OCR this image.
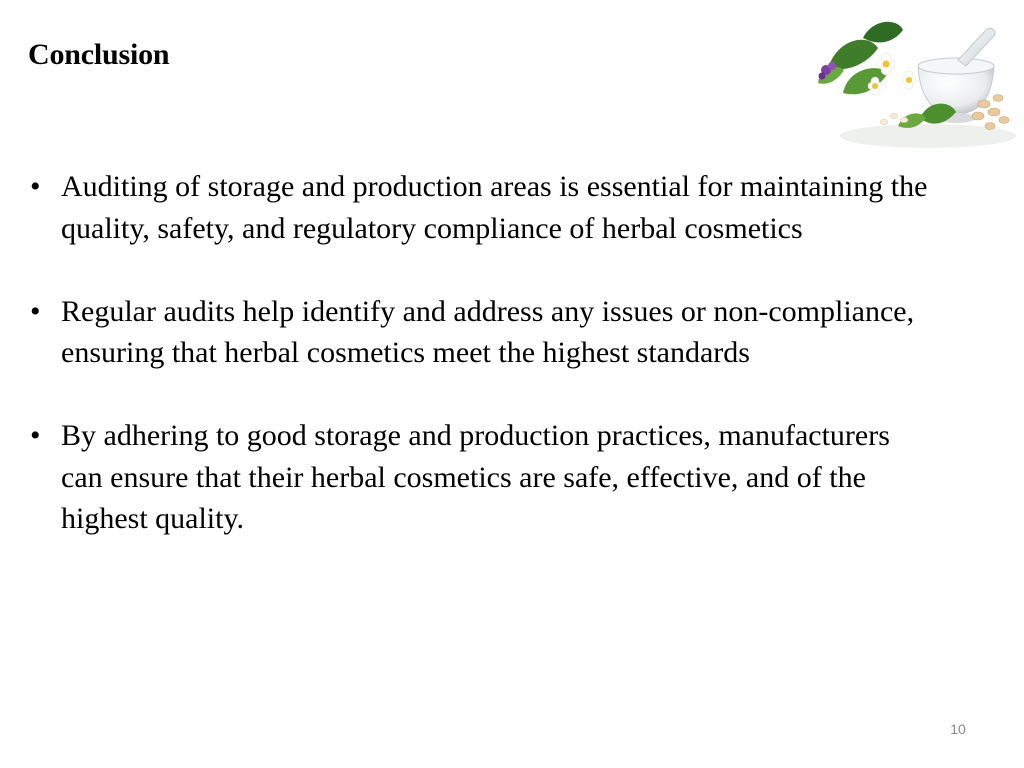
Conclusion
• Auditing of storage and production areas is essential for maintaining the quality, safety, and regulatory compliance of herbal cosmetics
• Regular audits help identify and address any issues or non-compliance, ensuring that herbal cosmetics meet the highest standards
• By adhering to good storage and production practices, manufacturers can ensure that their herbal cosmetics are safe, effective, and of the highest quality.
10
